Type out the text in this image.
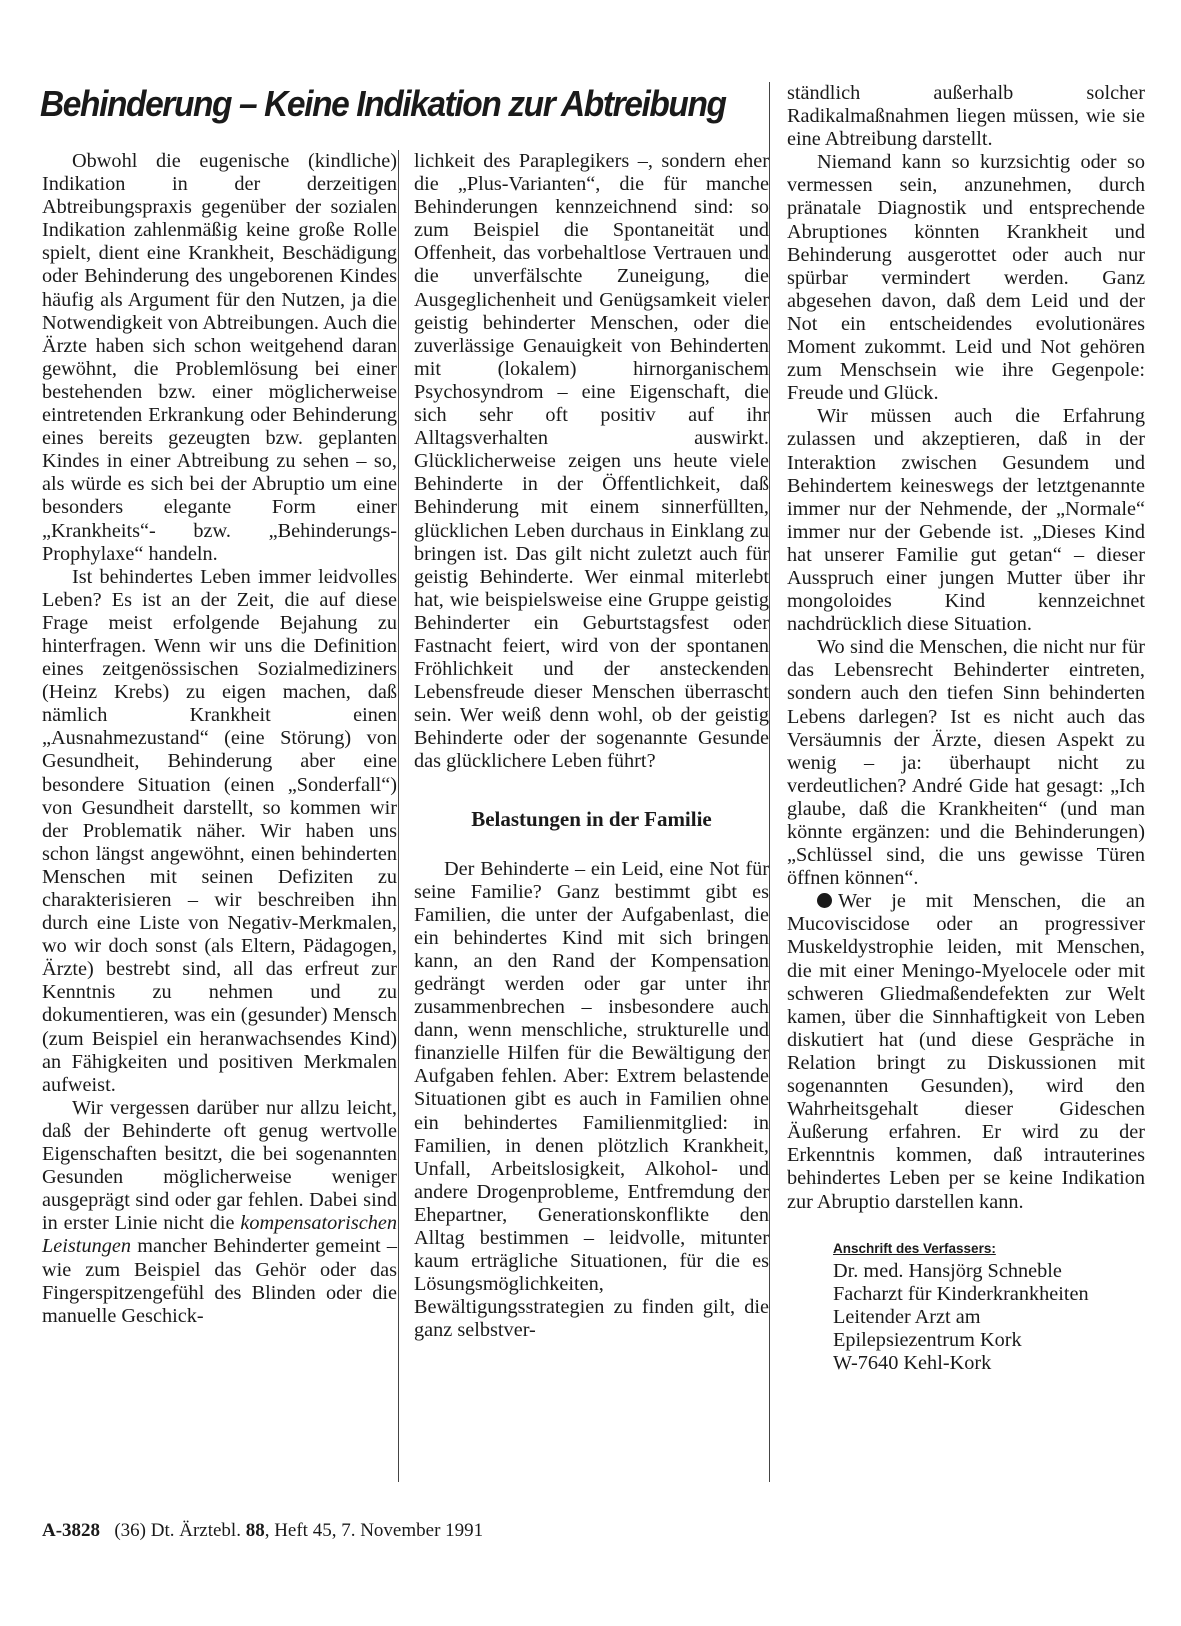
Behinderung – Keine Indikation zur Abtreibung

Obwohl die eugenische (kindliche) Indikation in der derzeitigen Abtreibungspraxis gegenüber der sozialen Indikation zahlenmäßig keine große Rolle spielt, dient eine Krankheit, Beschädigung oder Behinderung des ungeborenen Kindes häufig als Argument für den Nutzen, ja die Notwendigkeit von Abtreibungen. Auch die Ärzte haben sich schon weitgehend daran gewöhnt, die Problemlösung bei einer bestehenden bzw. einer möglicherweise eintretenden Erkrankung oder Behinderung eines bereits gezeugten bzw. geplanten Kindes in einer Abtreibung zu sehen – so, als würde es sich bei der Abruptio um eine besonders elegante Form einer „Krankheits“- bzw. „Behinderungs-Prophylaxe“ handeln.

Ist behindertes Leben immer leidvolles Leben? Es ist an der Zeit, die auf diese Frage meist erfolgende Bejahung zu hinterfragen. Wenn wir uns die Definition eines zeitgenössischen Sozialmediziners (Heinz Krebs) zu eigen machen, daß nämlich Krankheit einen „Ausnahmezustand“ (eine Störung) von Gesundheit, Behinderung aber eine besondere Situation (einen „Sonderfall“) von Gesundheit darstellt, so kommen wir der Problematik näher. Wir haben uns schon längst angewöhnt, einen behinderten Menschen mit seinen Defiziten zu charakterisieren – wir beschreiben ihn durch eine Liste von Negativ-Merkmalen, wo wir doch sonst (als Eltern, Pädagogen, Ärzte) bestrebt sind, all das erfreut zur Kenntnis zu nehmen und zu dokumentieren, was ein (gesunder) Mensch (zum Beispiel ein heranwachsendes Kind) an Fähigkeiten und positiven Merkmalen aufweist.

Wir vergessen darüber nur allzu leicht, daß der Behinderte oft genug wertvolle Eigenschaften besitzt, die bei sogenannten Gesunden möglicherweise weniger ausgeprägt sind oder gar fehlen. Dabei sind in erster Linie nicht die kompensatorischen Leistungen mancher Behinderter gemeint – wie zum Beispiel das Gehör oder das Fingerspitzengefühl des Blinden oder die manuelle Geschick-

lichkeit des Paraplegikers –, sondern eher die „Plus-Varianten“, die für manche Behinderungen kennzeichnend sind: so zum Beispiel die Spontaneität und Offenheit, das vorbehaltlose Vertrauen und die unverfälschte Zuneigung, die Ausgeglichenheit und Genügsamkeit vieler geistig behinderter Menschen, oder die zuverlässige Genauigkeit von Behinderten mit (lokalem) hirnorganischem Psychosyndrom – eine Eigenschaft, die sich sehr oft positiv auf ihr Alltagsverhalten auswirkt. Glücklicherweise zeigen uns heute viele Behinderte in der Öffentlichkeit, daß Behinderung mit einem sinnerfüllten, glücklichen Leben durchaus in Einklang zu bringen ist. Das gilt nicht zuletzt auch für geistig Behinderte. Wer einmal miterlebt hat, wie beispielsweise eine Gruppe geistig Behinderter ein Geburtstagsfest oder Fastnacht feiert, wird von der spontanen Fröhlichkeit und der ansteckenden Lebensfreude dieser Menschen überrascht sein. Wer weiß denn wohl, ob der geistig Behinderte oder der sogenannte Gesunde das glücklichere Leben führt?

Belastungen in der Familie

Der Behinderte – ein Leid, eine Not für seine Familie? Ganz bestimmt gibt es Familien, die unter der Aufgabenlast, die ein behindertes Kind mit sich bringen kann, an den Rand der Kompensation gedrängt werden oder gar unter ihr zusammenbrechen – insbesondere auch dann, wenn menschliche, strukturelle und finanzielle Hilfen für die Bewältigung der Aufgaben fehlen. Aber: Extrem belastende Situationen gibt es auch in Familien ohne ein behindertes Familienmitglied: in Familien, in denen plötzlich Krankheit, Unfall, Arbeitslosigkeit, Alkohol- und andere Drogenprobleme, Entfremdung der Ehepartner, Generationskonflikte den Alltag bestimmen – leidvolle, mitunter kaum erträgliche Situationen, für die es Lösungsmöglichkeiten, Bewältigungsstrategien zu finden gilt, die ganz selbstver-

ständlich außerhalb solcher Radikalmaßnahmen liegen müssen, wie sie eine Abtreibung darstellt.

Niemand kann so kurzsichtig oder so vermessen sein, anzunehmen, durch pränatale Diagnostik und entsprechende Abruptiones könnten Krankheit und Behinderung ausgerottet oder auch nur spürbar vermindert werden. Ganz abgesehen davon, daß dem Leid und der Not ein entscheidendes evolutionäres Moment zukommt. Leid und Not gehören zum Menschsein wie ihre Gegenpole: Freude und Glück.

Wir müssen auch die Erfahrung zulassen und akzeptieren, daß in der Interaktion zwischen Gesundem und Behindertem keineswegs der letztgenannte immer nur der Nehmende, der „Normale“ immer nur der Gebende ist. „Dieses Kind hat unserer Familie gut getan“ – dieser Ausspruch einer jungen Mutter über ihr mongoloides Kind kennzeichnet nachdrücklich diese Situation.

Wo sind die Menschen, die nicht nur für das Lebensrecht Behinderter eintreten, sondern auch den tiefen Sinn behinderten Lebens darlegen? Ist es nicht auch das Versäumnis der Ärzte, diesen Aspekt zu wenig – ja: überhaupt nicht zu verdeutlichen? André Gide hat gesagt: „Ich glaube, daß die Krankheiten“ (und man könnte ergänzen: und die Behinderungen) „Schlüssel sind, die uns gewisse Türen öffnen können“.

Wer je mit Menschen, die an Mucoviscidose oder an progressiver Muskeldystrophie leiden, mit Menschen, die mit einer Meningo-Myelocele oder mit schweren Gliedmaßendefekten zur Welt kamen, über die Sinnhaftigkeit von Leben diskutiert hat (und diese Gespräche in Relation bringt zu Diskussionen mit sogenannten Gesunden), wird den Wahrheitsgehalt dieser Gideschen Äußerung erfahren. Er wird zu der Erkenntnis kommen, daß intrauterines behindertes Leben per se keine Indikation zur Abruptio darstellen kann.

Anschrift des Verfassers:
Dr. med. Hansjörg Schneble
Facharzt für Kinderkrankheiten
Leitender Arzt am
Epilepsiezentrum Kork
W-7640 Kehl-Kork
A-3828 (36) Dt. Ärztebl. 88, Heft 45, 7. November 1991
